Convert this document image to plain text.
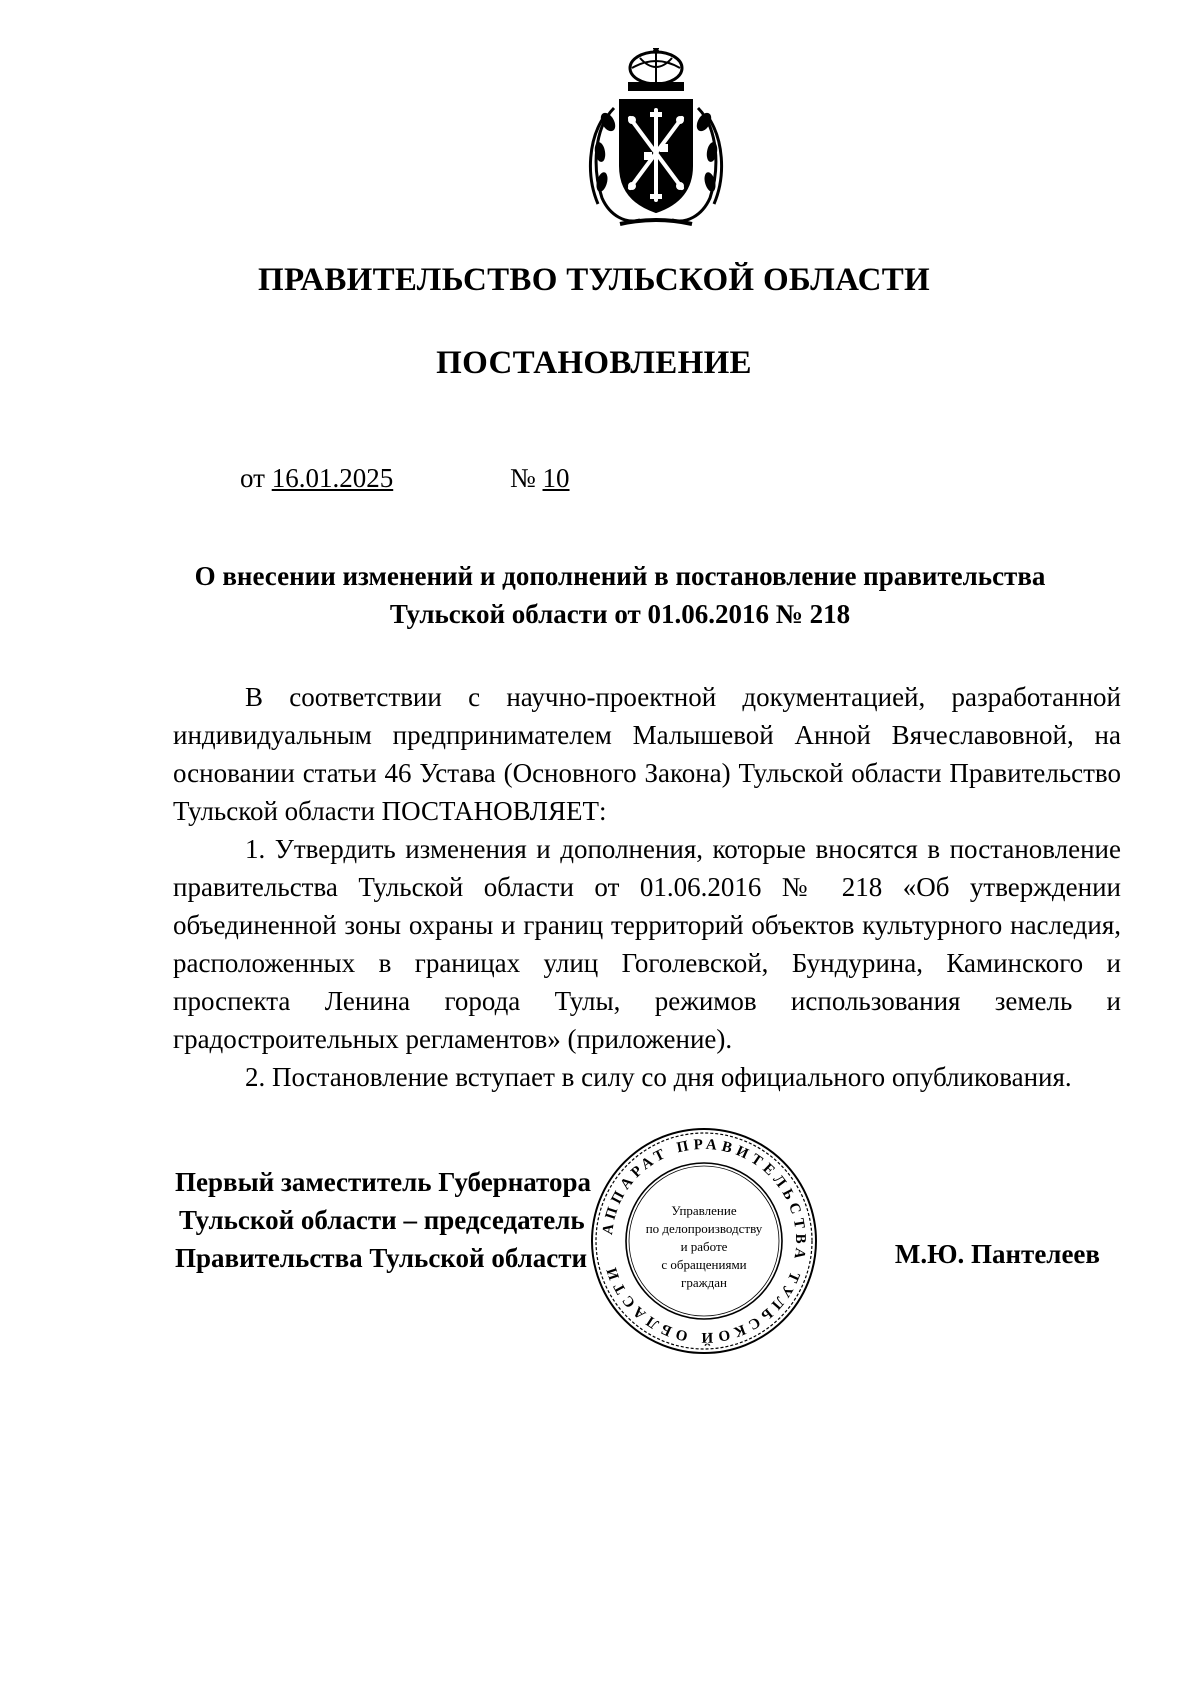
ПРАВИТЕЛЬСТВО ТУЛЬСКОЙ ОБЛАСТИ
ПОСТАНОВЛЕНИЕ
от 16.01.2025	№ 10
О внесении изменений и дополнений в постановление правительства
Тульской области от 01.06.2016 № 218

В соответствии с научно-проектной документацией, разработанной индивидуальным предпринимателем Малышевой Анной Вячеславовной, на основании статьи 46 Устава (Основного Закона) Тульской области Правительство Тульской области ПОСТАНОВЛЯЕТ:

1. Утвердить изменения и дополнения, которые вносятся в постановление правительства Тульской области от 01.06.2016 № 218 «Об утверждении объединенной зоны охраны и границ территорий объектов культурного наследия, расположенных в границах улиц Гоголевской, Бундурина, Каминского и проспекта Ленина города Тулы, режимов использования земель и градостроительных регламентов» (приложение).

2. Постановление вступает в силу со дня официального опубликования.

АППАРАТ ПРАВИТЕЛЬСТВА ТУЛЬСКОЙ ОБЛАСТИ
Управление
по делопроизводству
и работе
с обращениями
граждан
Первый заместитель Губернатора
Тульской области – председатель
Правительства Тульской области	М.Ю. Пантелеев
